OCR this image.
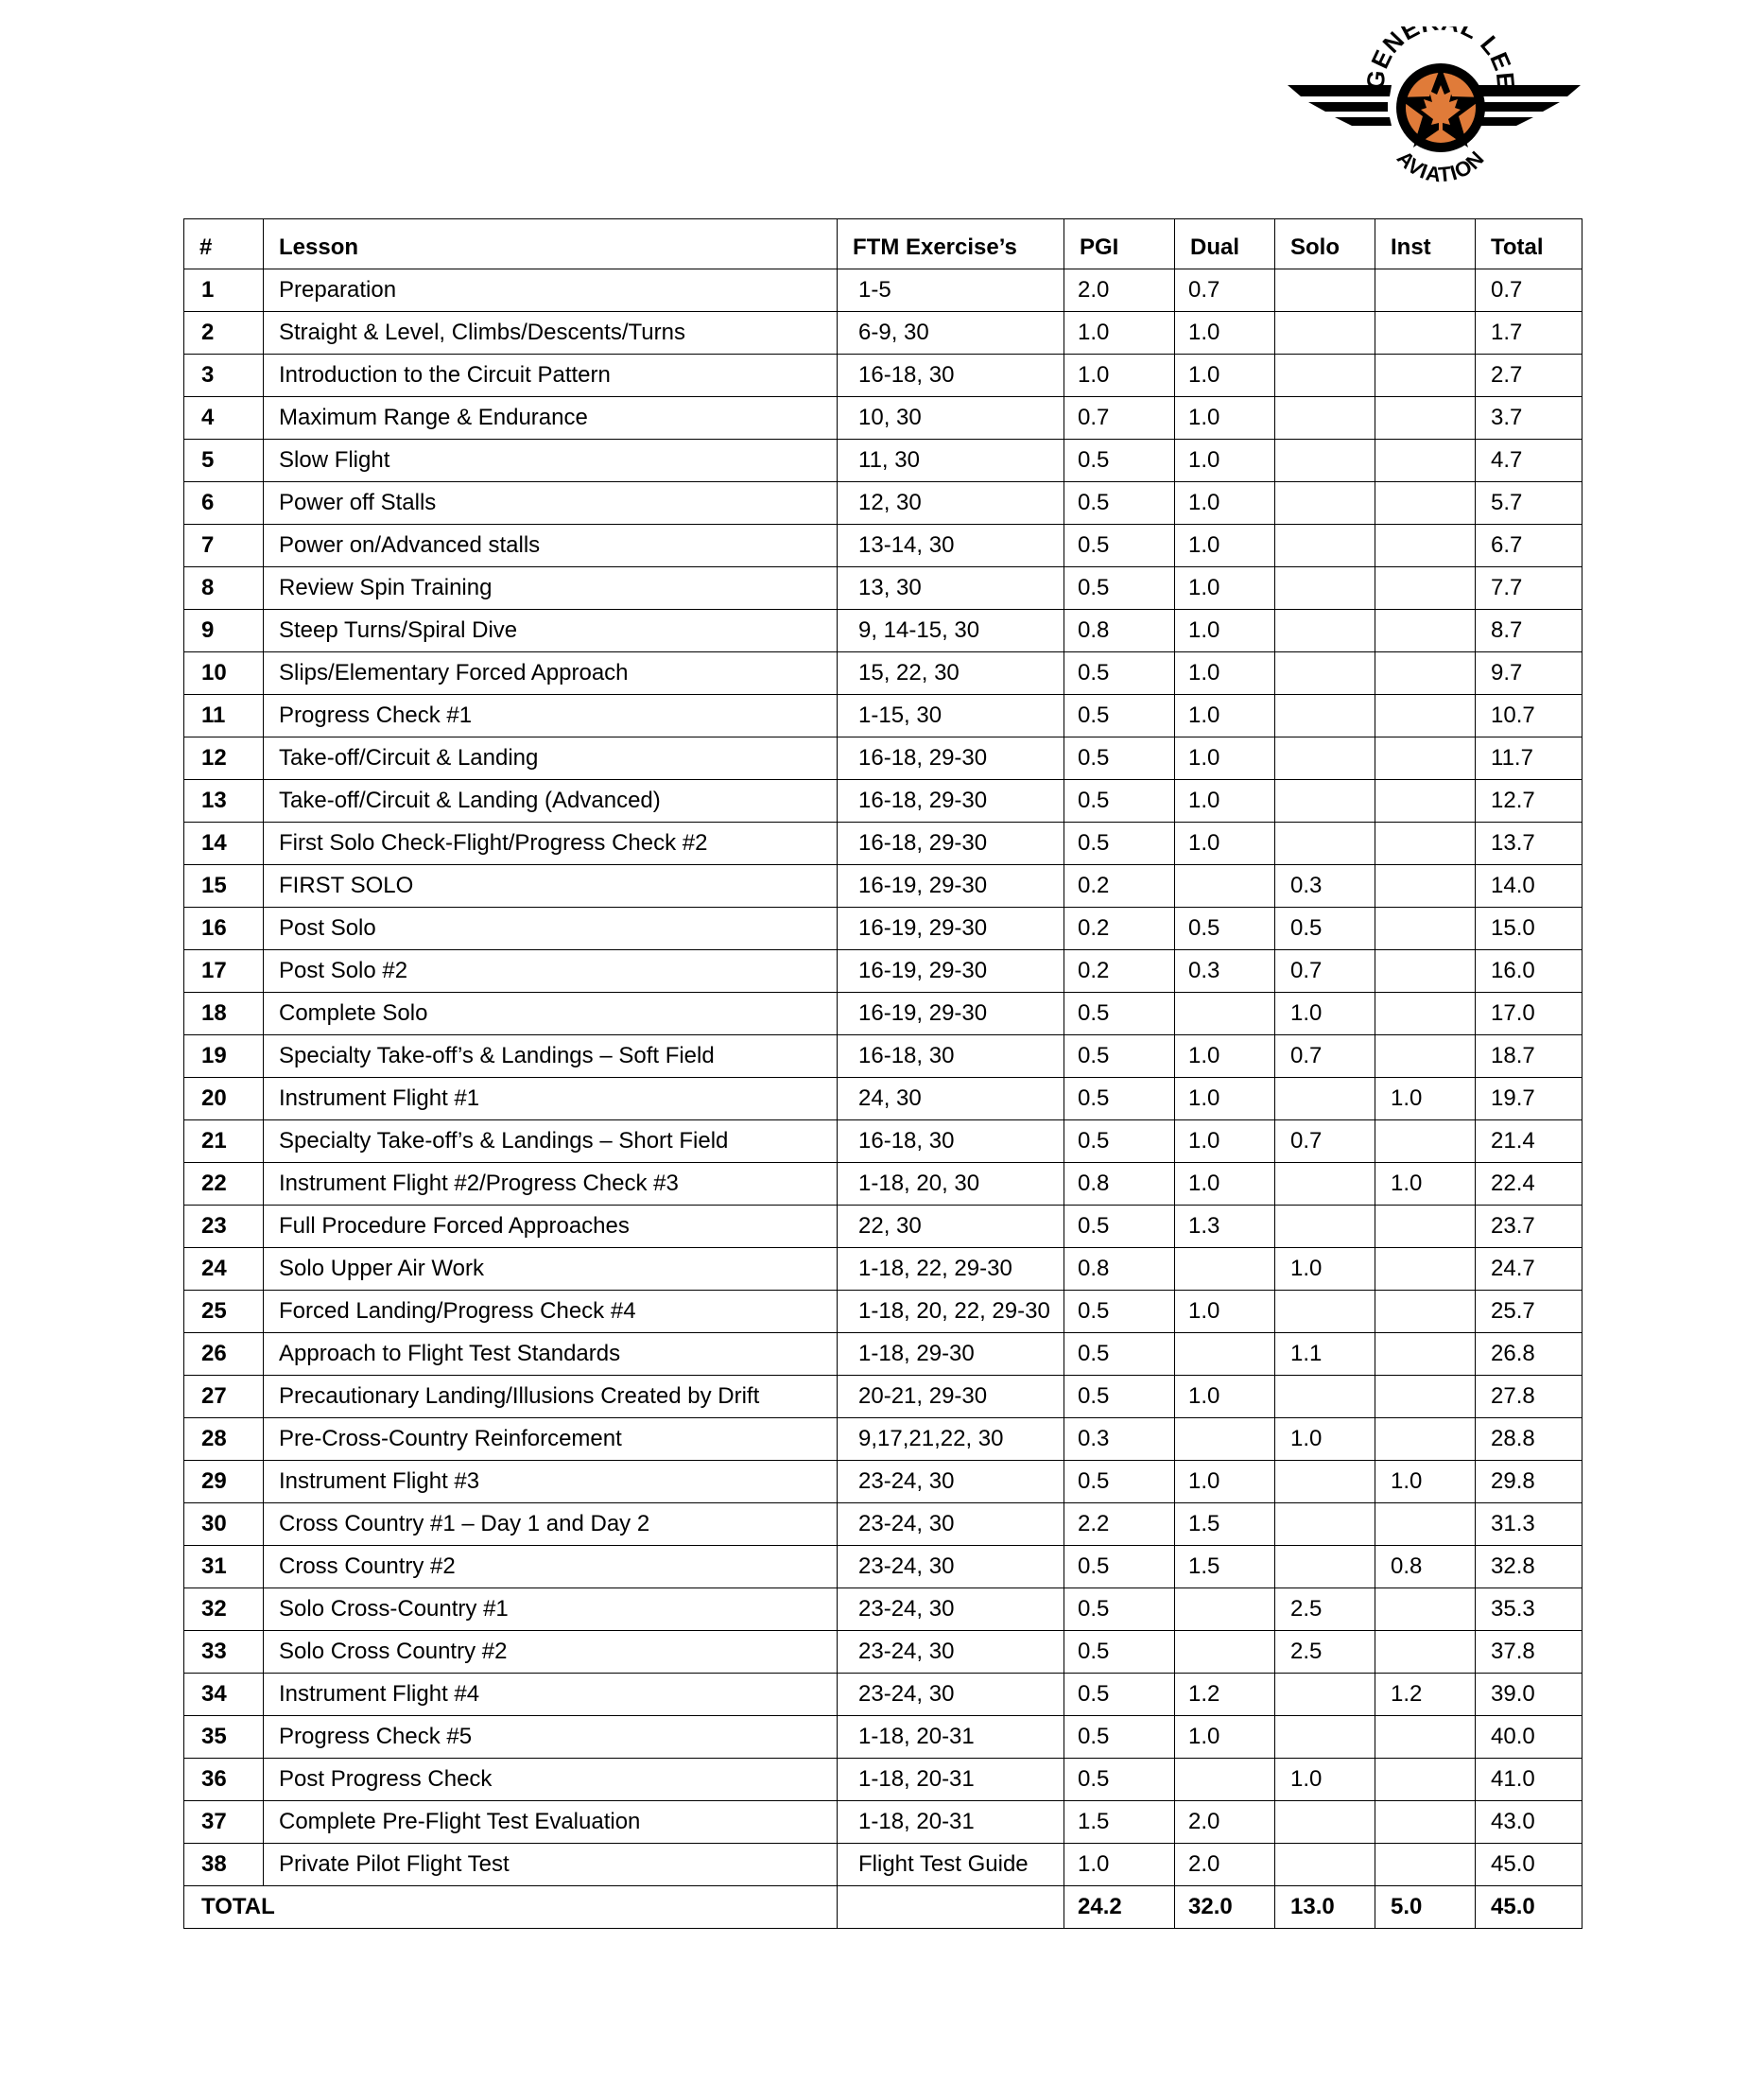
GENE L LEE
AVIATION
#	Lesson	FTM Exercise’s	PGI	Dual	Solo	Inst	Total
1	Preparation	1-5	2.0	0.7			0.7
2	Straight & Level, Climbs/Descents/Turns	6-9, 30	1.0	1.0			1.7
3	Introduction to the Circuit Pattern	16-18, 30	1.0	1.0			2.7
4	Maximum Range & Endurance	10, 30	0.7	1.0			3.7
5	Slow Flight	11, 30	0.5	1.0			4.7
6	Power off Stalls	12, 30	0.5	1.0			5.7
7	Power on/Advanced stalls	13-14, 30	0.5	1.0			6.7
8	Review Spin Training	13, 30	0.5	1.0			7.7
9	Steep Turns/Spiral Dive	9, 14-15, 30	0.8	1.0			8.7
10	Slips/Elementary Forced Approach	15, 22, 30	0.5	1.0			9.7
11	Progress Check #1	1-15, 30	0.5	1.0			10.7
12	Take-off/Circuit & Landing	16-18, 29-30	0.5	1.0			11.7
13	Take-off/Circuit & Landing (Advanced)	16-18, 29-30	0.5	1.0			12.7
14	First Solo Check-Flight/Progress Check #2	16-18, 29-30	0.5	1.0			13.7
15	FIRST SOLO	16-19, 29-30	0.2		0.3		14.0
16	Post Solo	16-19, 29-30	0.2	0.5	0.5		15.0
17	Post Solo #2	16-19, 29-30	0.2	0.3	0.7		16.0
18	Complete Solo	16-19, 29-30	0.5		1.0		17.0
19	Specialty Take-off’s & Landings – Soft Field	16-18, 30	0.5	1.0	0.7		18.7
20	Instrument Flight #1	24, 30	0.5	1.0		1.0	19.7
21	Specialty Take-off’s & Landings – Short Field	16-18, 30	0.5	1.0	0.7		21.4
22	Instrument Flight #2/Progress Check #3	1-18, 20, 30	0.8	1.0		1.0	22.4
23	Full Procedure Forced Approaches	22, 30	0.5	1.3			23.7
24	Solo Upper Air Work	1-18, 22, 29-30	0.8		1.0		24.7
25	Forced Landing/Progress Check #4	1-18, 20, 22, 29-30	0.5	1.0			25.7
26	Approach to Flight Test Standards	1-18, 29-30	0.5		1.1		26.8
27	Precautionary Landing/Illusions Created by Drift	20-21, 29-30	0.5	1.0			27.8
28	Pre-Cross-Country Reinforcement	9,17,21,22, 30	0.3		1.0		28.8
29	Instrument Flight #3	23-24, 30	0.5	1.0		1.0	29.8
30	Cross Country #1 – Day 1 and Day 2	23-24, 30	2.2	1.5			31.3
31	Cross Country #2	23-24, 30	0.5	1.5		0.8	32.8
32	Solo Cross-Country #1	23-24, 30	0.5		2.5		35.3
33	Solo Cross Country #2	23-24, 30	0.5		2.5		37.8
34	Instrument Flight #4	23-24, 30	0.5	1.2		1.2	39.0
35	Progress Check #5	1-18, 20-31	0.5	1.0			40.0
36	Post Progress Check	1-18, 20-31	0.5		1.0		41.0
37	Complete Pre-Flight Test Evaluation	1-18, 20-31	1.5	2.0			43.0
38	Private Pilot Flight Test	Flight Test Guide	1.0	2.0			45.0
TOTAL			24.2	32.0	13.0	5.0	45.0
